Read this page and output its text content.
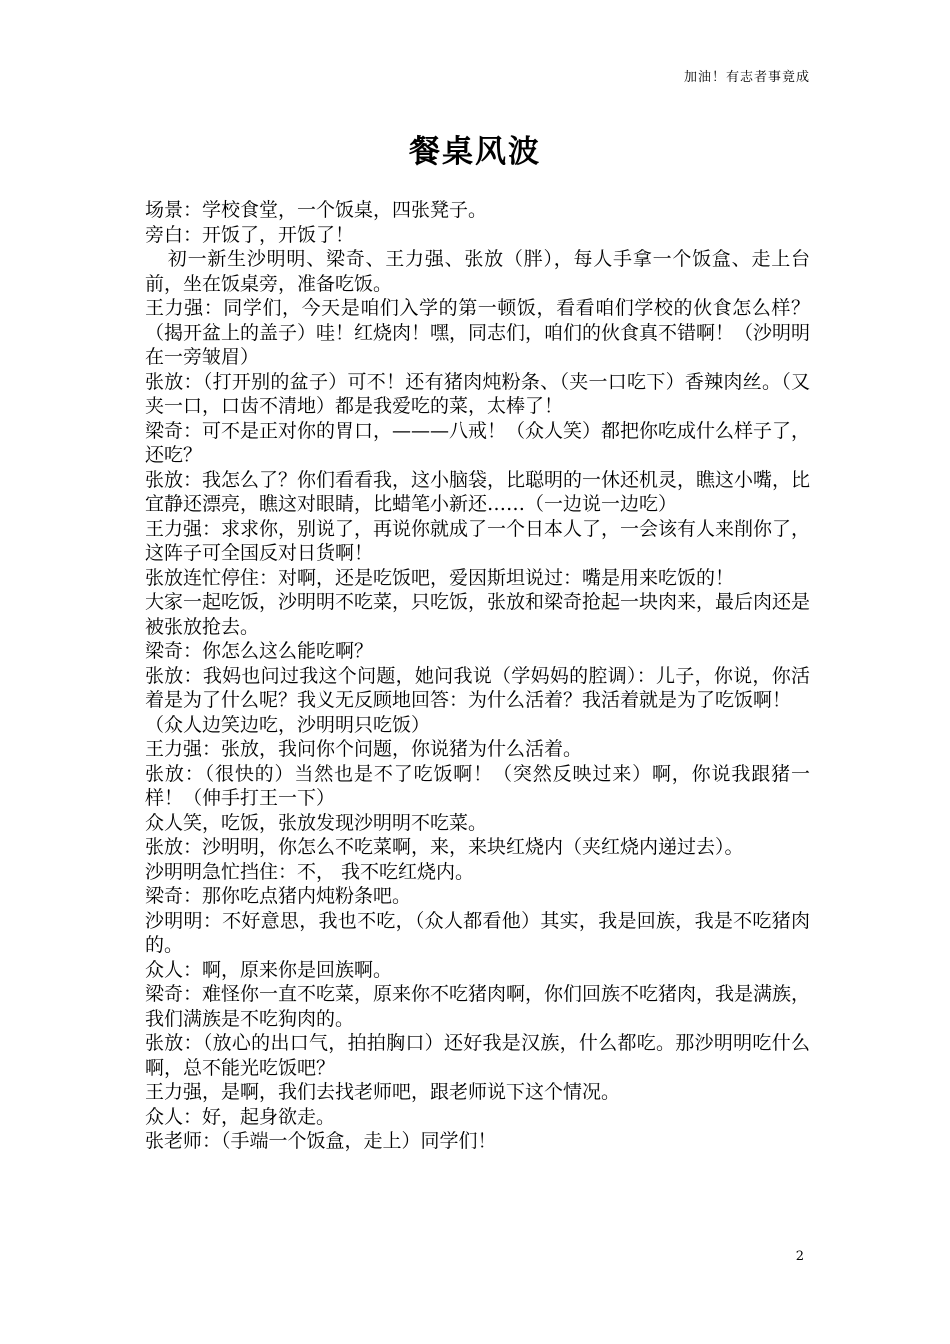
加油！有志者事竟成
餐桌风波

场景：学校食堂，一个饭桌，四张凳子。

旁白：开饭了，开饭了！

初一新生沙明明、梁奇、王力强、张放（胖），每人手拿一个饭盒、走上台前，坐在饭桌旁，准备吃饭。

王力强：同学们，今天是咱们入学的第一顿饭，看看咱们学校的伙食怎么样？（揭开盆上的盖子）哇！红烧肉！嘿，同志们，咱们的伙食真不错啊！（沙明明在一旁皱眉）

张放：（打开别的盆子）可不！还有猪肉炖粉条、（夹一口吃下）香辣肉丝。（又夹一口，口齿不清地）都是我爱吃的菜，太棒了！

梁奇：可不是正对你的胃口，———八戒！（众人笑）都把你吃成什么样子了，还吃？

张放：我怎么了？你们看看我，这小脑袋，比聪明的一休还机灵，瞧这小嘴，比宜静还漂亮，瞧这对眼睛，比蜡笔小新还……（一边说一边吃）

王力强：求求你，别说了，再说你就成了一个日本人了，一会该有人来削你了，这阵子可全国反对日货啊！

张放连忙停住：对啊，还是吃饭吧，爱因斯坦说过：嘴是用来吃饭的！

大家一起吃饭，沙明明不吃菜，只吃饭，张放和梁奇抢起一块肉来，最后肉还是被张放抢去。

梁奇：你怎么这么能吃啊？

张放：我妈也问过我这个问题，她问我说（学妈妈的腔调）：儿子，你说，你活着是为了什么呢？我义无反顾地回答：为什么活着？我活着就是为了吃饭啊！

（众人边笑边吃，沙明明只吃饭）

王力强：张放，我问你个问题，你说猪为什么活着。

张放：（很快的）当然也是不了吃饭啊！（突然反映过来）啊，你说我跟猪一样！（伸手打王一下）

众人笑，吃饭，张放发现沙明明不吃菜。

张放：沙明明，你怎么不吃菜啊，来，来块红烧内（夹红烧内递过去）。

沙明明急忙挡住：不， 我不吃红烧内。

梁奇：那你吃点猪内炖粉条吧。

沙明明：不好意思，我也不吃，（众人都看他）其实，我是回族，我是不吃猪肉的。

众人：啊，原来你是回族啊。

梁奇：难怪你一直不吃菜，原来你不吃猪肉啊，你们回族不吃猪肉，我是满族，我们满族是不吃狗肉的。

张放：（放心的出口气，拍拍胸口）还好我是汉族，什么都吃。那沙明明吃什么啊，总不能光吃饭吧？

王力强，是啊，我们去找老师吧，跟老师说下这个情况。

众人：好，起身欲走。

张老师：（手端一个饭盒，走上）同学们！

2
